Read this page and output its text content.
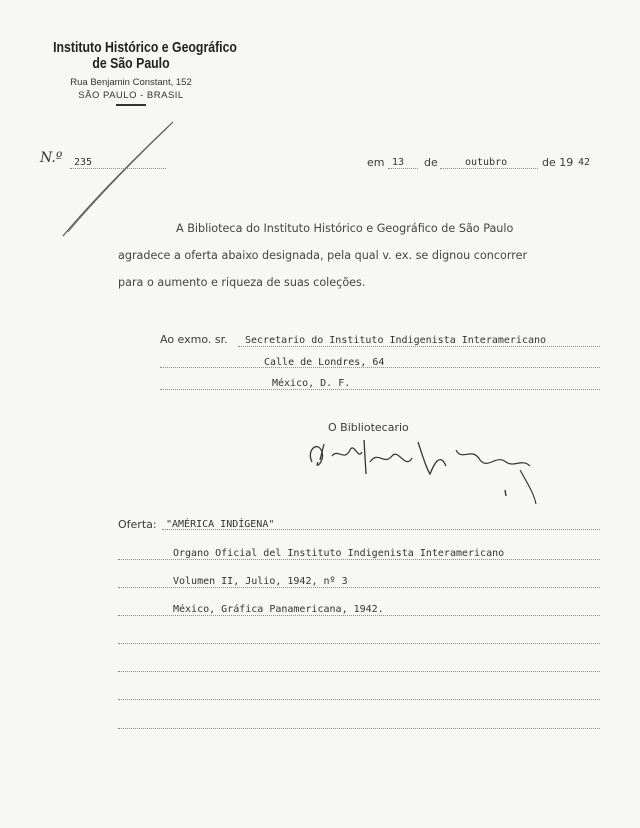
Instituto Histórico e Geográfico
de São Paulo
Rua Benjamin Constant, 152
SÃO PAULO - BRASIL
N.º 235	em 13 de	outubro	de 19 42
A Biblioteca do Instituto Histórico e Geográfico de São Paulo
agradece a oferta abaixo designada, pela qual v. ex. se dignou concorrer
para o aumento e riqueza de suas coleções.
Ao exmo. sr. Secretario do Instituto Indigenista Interamericano
Calle de Londres, 64
México, D. F.
O Bibliotecario
Oferta: "AMÉRICA INDÍGENA"
Organo Oficial del Instituto Indigenista Interamericano
Volumen II, Julio, 1942, nº 3
México, Gráfica Panamericana, 1942.
